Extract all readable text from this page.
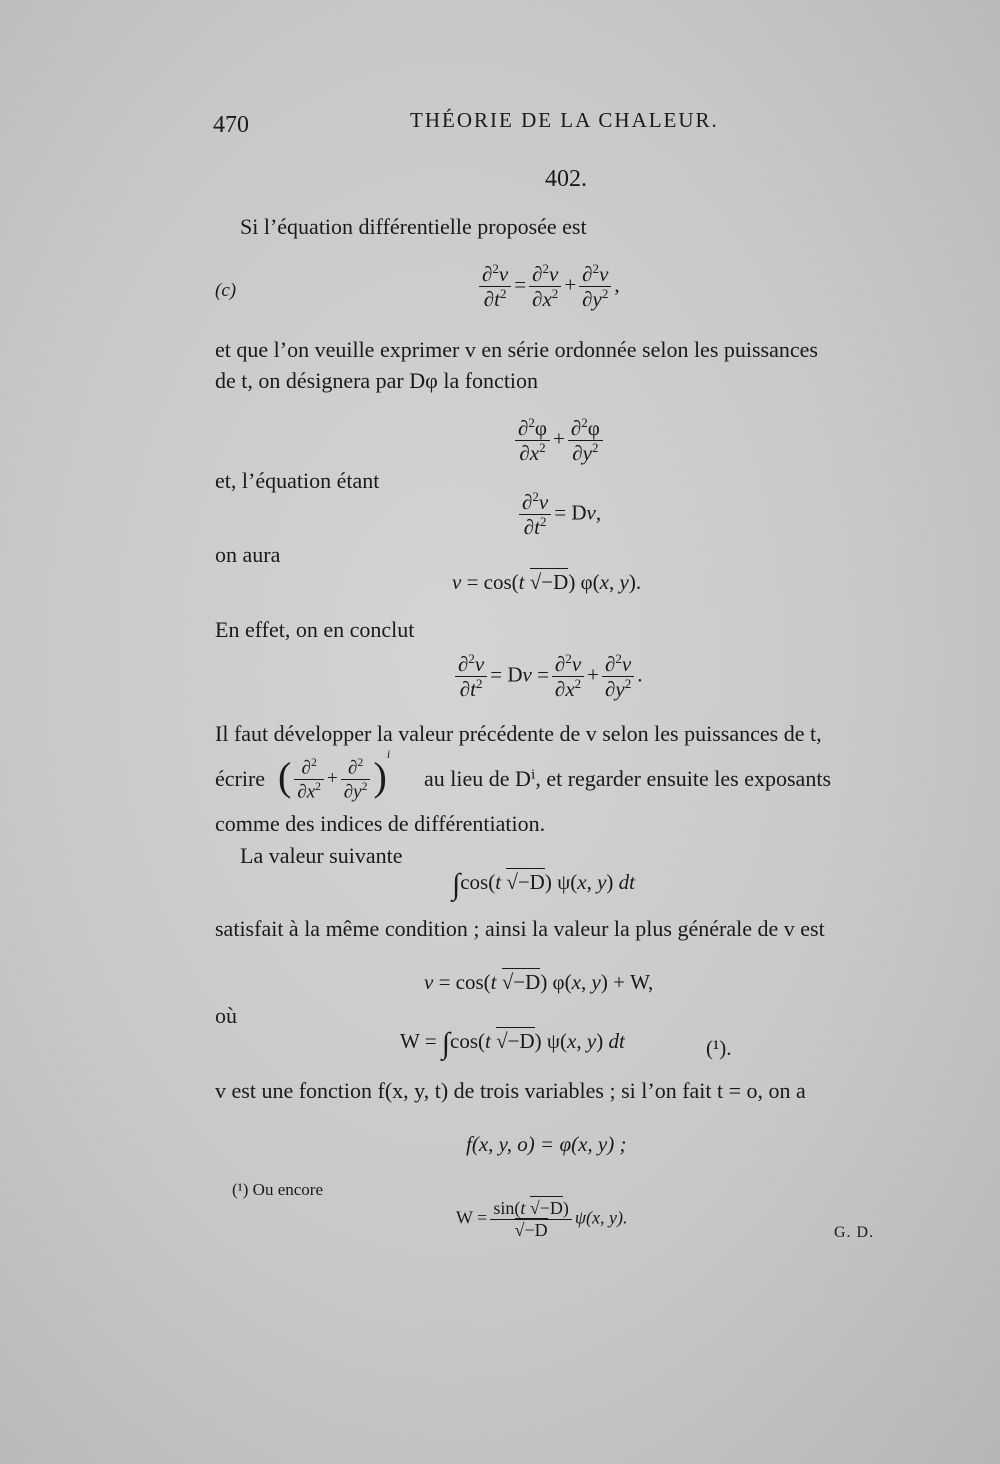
470	THÉORIE DE LA CHALEUR.
402.
Si l’équation différentielle proposée est
(c)	$\frac{\partial^2v}{\partial t^2} = \frac{\partial^2v}{\partial x^2} + \frac{\partial^2v}{\partial y^2}$ ,
et que l’on veuille exprimer v en série ordonnée selon les puissances
de t, on désignera par Dφ la fonction
$\frac{\partial^2\varphi}{\partial x^2} + \frac{\partial^2\varphi}{\partial y^2}$
et, l’équation étant
$\frac{\partial^2v}{\partial t^2} = Dv$,
on aura
v = cos(t √−D) φ(x, y).
En effet, on en conclut
$\frac{\partial^2v}{\partial t^2} = Dv = \frac{\partial^2v}{\partial x^2} + \frac{\partial^2v}{\partial y^2}$ .
Il faut développer la valeur précédente de v selon les puissances de t,
écrire ( $\frac{\partial^2}{\partial x^2} + \frac{\partial^2}{\partial y^2} )^i$
au lieu de Dⁱ, et regarder ensuite les exposants
comme des indices de différentiation.
La valeur suivante
∫cos(t √−D) ψ(x, y) dt
satisfait à la même condition ; ainsi la valeur la plus générale de v est
v = cos(t √−D) φ(x, y) + W,
où
W = ∫cos(t √−D) ψ(x, y) dt	(¹).
v est une fonction f(x, y, t) de trois variables ; si l’on fait t = o, on a
f(x, y, o) = φ(x, y) ;
(¹) Ou encore
$W = \frac{\sin(t √-D)}{√-D} \psi(x$, y).
G. D.
